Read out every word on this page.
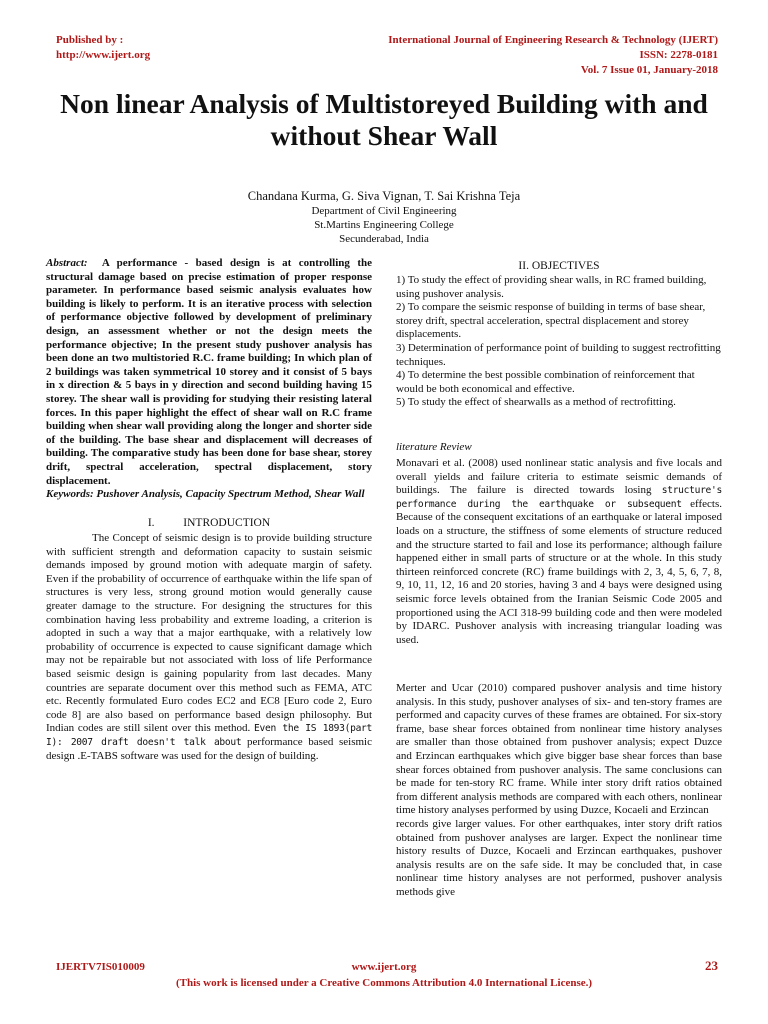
Published by :
http://www.ijert.org
International Journal of Engineering Research & Technology (IJERT)
ISSN: 2278-0181
Vol. 7 Issue 01, January-2018
Non linear Analysis of Multistoreyed Building with and without Shear Wall
Chandana Kurma, G. Siva Vignan, T. Sai Krishna Teja
Department of Civil Engineering
St.Martins Engineering College
Secunderabad, India
Abstract: A performance - based design is at controlling the structural damage based on precise estimation of proper response parameter. In performance based seismic analysis evaluates how building is likely to perform. It is an iterative process with selection of performance objective followed by development of preliminary design, an assessment whether or not the design meets the performance objective; In the present study pushover analysis has been done an two multistoried R.C. frame building; In which plan of 2 buildings was taken symmetrical 10 storey and it consist of 5 bays in x direction & 5 bays in y direction and second building having 15 storey. The shear wall is providing for studying their resisting lateral forces. In this paper highlight the effect of shear wall on R.C frame building when shear wall providing along the longer and shorter side of the building. The base shear and displacement will decreases of building. The comparative study has been done for base shear, storey drift, spectral acceleration, spectral displacement, story displacement.
Keywords: Pushover Analysis, Capacity Spectrum Method, Shear Wall
I.          INTRODUCTION

The Concept of seismic design is to provide building structure with sufficient strength and deformation capacity to sustain seismic demands imposed by ground motion with adequate margin of safety. Even if the probability of occurrence of earthquake within the life span of structures is very less, strong ground motion would generally cause greater damage to the structure. For designing the structures for this combination having less probability and extreme loading, a criterion is adopted in such a way that a major earthquake, with a relatively low probability of occurrence is expected to cause significant damage which may not be repairable but not associated with loss of life Performance based seismic design is gaining popularity from last decades. Many countries are separate document over this method such as FEMA, ATC etc. Recently formulated Euro codes EC2 and EC8 [Euro code 2, Euro code 8] are also based on performance based design philosophy. But Indian codes are still silent over this method. Even the IS 1893(part I): 2007 draft doesn't talk about performance based seismic design .E-TABS software was used for the design of building.

II. OBJECTIVES

1) To study the effect of providing shear walls, in RC framed building, using pushover analysis.

2) To compare the seismic response of building in terms of base shear, storey drift, spectral acceleration, spectral displacement and storey displacements.

3) Determination of performance point of building to suggest rectrofitting techniques.

4) To determine the best possible combination of reinforcement that would be both economical and effective.

5) To study the effect of shearwalls as a method of rectrofitting.

literature Review

Monavari et al. (2008) used nonlinear static analysis and five locals and overall yields and failure criteria to estimate seismic demands of buildings. The failure is directed towards losing structure's performance during the earthquake or subsequent effects. Because of the consequent excitations of an earthquake or lateral imposed loads on a structure, the stiffness of some elements of structure reduced and the structure started to fail and lose its performance; although failure happened either in small parts of structure or at the whole. In this study thirteen reinforced concrete (RC) frame buildings with 2, 3, 4, 5, 6, 7, 8, 9, 10, 11, 12, 16 and 20 stories, having 3 and 4 bays were designed using seismic force levels obtained from the Iranian Seismic Code 2005 and proportioned using the ACI 318-99 building code and then were modeled by IDARC. Pushover analysis with increasing triangular loading was used.

Merter and Ucar (2010) compared pushover analysis and time history analysis. In this study, pushover analyses of six- and ten-story frames are performed and capacity curves of these frames are obtained. For six-story frame, base shear forces obtained from nonlinear time history analyses are smaller than those obtained from pushover analysis; expect Duzce and Erzincan earthquakes which give bigger base shear forces than base shear forces obtained from pushover analysis. The same conclusions can be made for ten-story RC frame. While inter story drift ratios obtained from different analysis methods are compared with each others, nonlinear time history analyses performed by using Duzce, Kocaeli and Erzincan

records give larger values. For other earthquakes, inter story drift ratios obtained from pushover analyses are larger. Expect the nonlinear time history results of Duzce, Kocaeli and Erzincan earthquakes, pushover analysis results are on the safe side. It may be concluded that, in case nonlinear time history analyses are not performed, pushover analysis methods give

IJERTV7IS010009	www.ijert.org	23
(This work is licensed under a Creative Commons Attribution 4.0 International License.)
